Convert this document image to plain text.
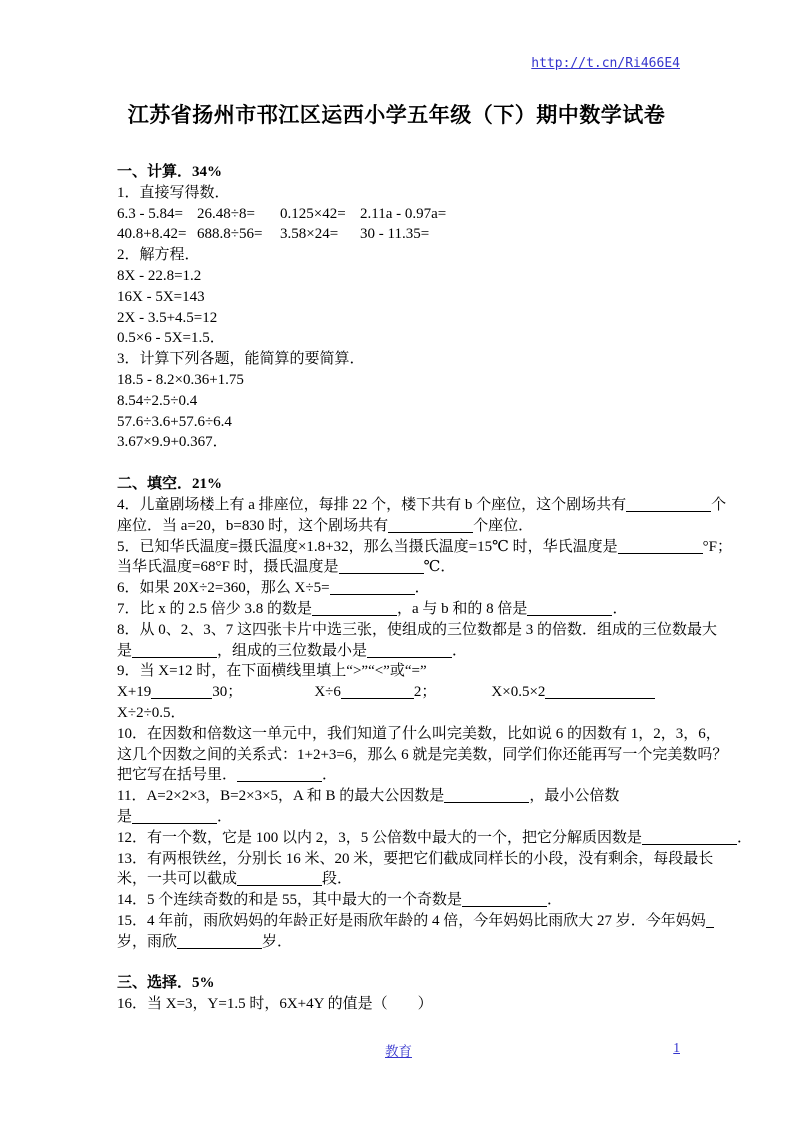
http://t.cn/Ri466E4
江苏省扬州市邗江区运西小学五年级（下）期中数学试卷
一、计算．34%
1．直接写得数．
6.3 - 5.84= 26.48÷8= 0.125×42= 2.11a - 0.97a=
40.8+8.42= 688.8÷56= 3.58×24= 30 - 11.35=
2．解方程．
8X - 22.8=1.2
16X - 5X=143
2X - 3.5+4.5=12
0.5×6 - 5X=1.5．
3．计算下列各题，能简算的要简算．
18.5 - 8.2×0.36+1.75
8.54÷2.5÷0.4
57.6÷3.6+57.6÷6.4
3.67×9.9+0.367．
二、填空．21%
4．儿童剧场楼上有 a 排座位，每排 22 个，楼下共有 b 个座位，这个剧场共有	个
座位．当 a=20，b=830 时，这个剧场共有	个座位．
5．已知华氏温度=摄氏温度×1.8+32，那么当摄氏温度=15℃ 时，华氏温度是	°F；
当华氏温度=68°F 时，摄氏温度是	℃．
6．如果 20X÷2=360，那么 X÷5=	．
7．比 x 的 2.5 倍少 3.8 的数是	，a 与 b 和的 8 倍是	．
8．从 0、2、3、7 这四张卡片中选三张，使组成的三位数都是 3 的倍数．组成的三位数最大
是	，组成的三位数最小是	．
9．当 X=12 时，在下面横线里填上“>”“<”或“=”
X+19	30；	X÷6	2；	X×0.5×2
X÷2÷0.5．
10．在因数和倍数这一单元中，我们知道了什么叫完美数，比如说 6 的因数有 1，2，3，6，
这几个因数之间的关系式：1+2+3=6，那么 6 就是完美数，同学们你还能再写一个完美数吗？
把它写在括号里．	．
11．A=2×2×3，B=2×3×5，A 和 B 的最大公因数是	，最小公倍数
是	．
12．有一个数，它是 100 以内 2，3，5 公倍数中最大的一个，把它分解质因数是	．
13．有两根铁丝，分别长 16 米、20 米，要把它们截成同样长的小段，没有剩余，每段最长
米，一共可以截成	段．
14．5 个连续奇数的和是 55，其中最大的一个奇数是	．
15．4 年前，雨欣妈妈的年龄正好是雨欣年龄的 4 倍，今年妈妈比雨欣大 27 岁．今年妈妈
岁，雨欣	岁．
三、选择．5%
16．当 X=3，Y=1.5 时，6X+4Y 的值是（　　）
教育	1
